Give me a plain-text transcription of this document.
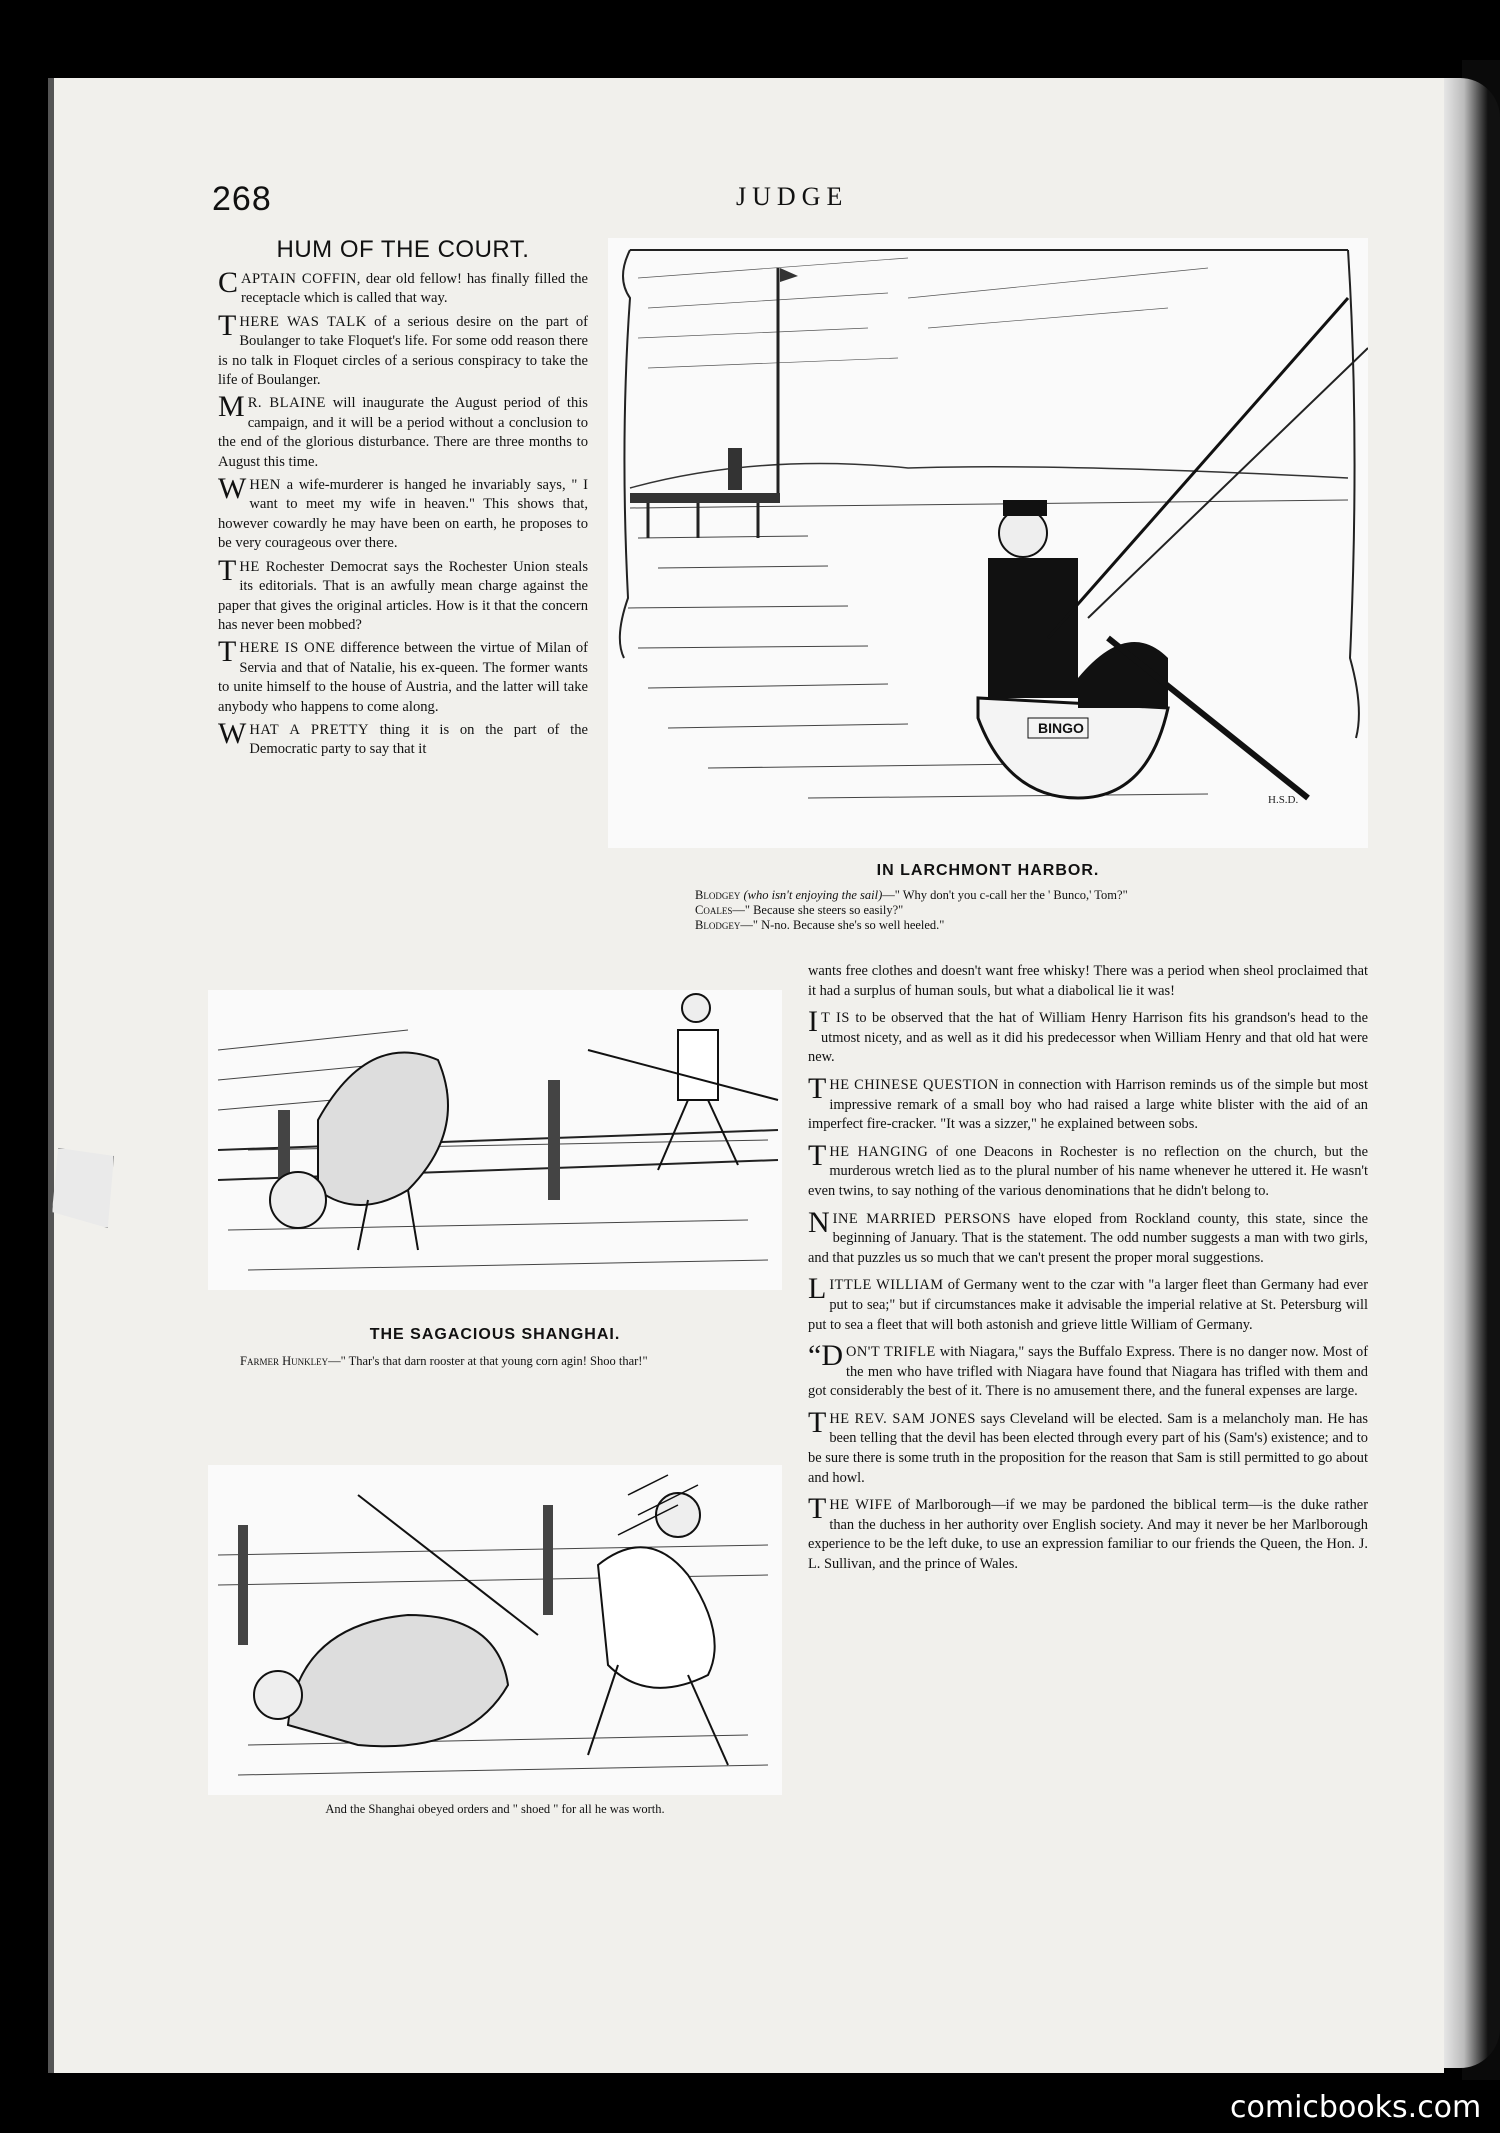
268	JUDGE
HUM OF THE COURT.
CAPTAIN COFFIN, dear old fellow! has finally filled the receptacle which is called that way.
THERE WAS TALK of a serious desire on the part of Boulanger to take Floquet's life. For some odd reason there is no talk in Floquet circles of a serious conspiracy to take the life of Boulanger.
M R. BLAINE will inaugurate the August period of this campaign, and it will be a period without a conclusion to the end of the glorious disturbance. There are three months to August this time.
WHEN a wife-murderer is hanged he invariably says, " I want to meet my wife in heaven." This shows that, however cowardly he may have been on earth, he proposes to be very courageous over there.
THE Rochester Democrat says the Rochester Union steals its editorials. That is an awfully mean charge against the paper that gives the original articles. How is it that the concern has never been mobbed?
THERE IS ONE difference between the virtue of Milan of Servia and that of Natalie, his ex-queen. The former wants to unite himself to the house of Austria, and the latter will take anybody who happens to come along.
WHAT A PRETTY thing it is on the part of the Democratic party to say that it
BINGO
H.S.D.
IN LARCHMONT HARBOR.
Blodgey (who isn't enjoying the sail)—" Why don't you c-call her the ' Bunco,' Tom?"
Coales—" Because she steers so easily?"
Blodgey—" N-no. Because she's so well heeled."
THE SAGACIOUS SHANGHAI.
Farmer Hunkley—" Thar's that darn rooster at that young corn agin! Shoo thar!"
And the Shanghai obeyed orders and " shoed " for all he was worth.
wants free clothes and doesn't want free whisky! There was a period when sheol proclaimed that it had a surplus of human souls, but what a diabolical lie it was!
I T IS to be observed that the hat of William Henry Harrison fits his grandson's head to the utmost nicety, and as well as it did his predecessor when William Henry and that old hat were new.
THE CHINESE QUESTION in connection with Harrison reminds us of the simple but most impressive remark of a small boy who had raised a large white blister with the aid of an imperfect fire-cracker. "It was a sizzer," he explained between sobs.
THE HANGING of one Deacons in Rochester is no reflection on the church, but the murderous wretch lied as to the plural number of his name whenever he uttered it. He wasn't even twins, to say nothing of the various denominations that he didn't belong to.
NINE MARRIED PERSONS have eloped from Rockland county, this state, since the beginning of January. That is the statement. The odd number suggests a man with two girls, and that puzzles us so much that we can't present the proper moral suggestions.
LITTLE WILLIAM of Germany went to the czar with "a larger fleet than Germany had ever put to sea;" but if circumstances make it advisable the imperial relative at St. Petersburg will put to sea a fleet that will both astonish and grieve little William of Germany.
“DON'T TRIFLE with Niagara," says the Buffalo Express. There is no danger now. Most of the men who have trifled with Niagara have found that Niagara has trifled with them and got considerably the best of it. There is no amusement there, and the funeral expenses are large.
THE REV. SAM JONES says Cleveland will be elected. Sam is a melancholy man. He has been telling that the devil has been elected through every part of his (Sam's) existence; and to be sure there is some truth in the proposition for the reason that Sam is still permitted to go about and howl.
THE WIFE of Marlborough—if we may be pardoned the biblical term—is the duke rather than the duchess in her authority over English society. And may it never be her Marlborough experience to be the left duke, to use an expression familiar to our friends the Queen, the Hon. J. L. Sullivan, and the prince of Wales.
comicbooks.com
